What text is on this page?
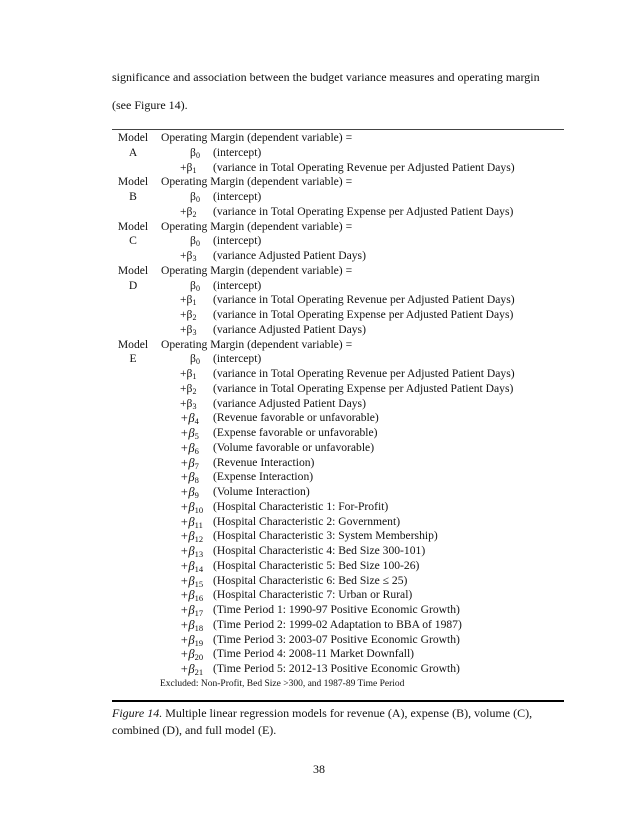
significance and association between the budget variance measures and operating margin

(see Figure 14).

Model	Operating Margin (dependent variable) =
A	β0	(intercept)
+β1	(variance in Total Operating Revenue per Adjusted Patient Days)
Model	Operating Margin (dependent variable) =
B	β0	(intercept)
+β2	(variance in Total Operating Expense per Adjusted Patient Days)
Model	Operating Margin (dependent variable) =
C	β0	(intercept)
+β3	(variance Adjusted Patient Days)
Model	Operating Margin (dependent variable) =
D	β0	(intercept)
+β1	(variance in Total Operating Revenue per Adjusted Patient Days)
+β2	(variance in Total Operating Expense per Adjusted Patient Days)
+β3	(variance Adjusted Patient Days)
Model	Operating Margin (dependent variable) =
E	β0	(intercept)
+β1	(variance in Total Operating Revenue per Adjusted Patient Days)
+β2	(variance in Total Operating Expense per Adjusted Patient Days)
+β3	(variance Adjusted Patient Days)
+β4	(Revenue favorable or unfavorable)
+β5	(Expense favorable or unfavorable)
+β6	(Volume favorable or unfavorable)
+β7	(Revenue Interaction)
+β8	(Expense Interaction)
+β9	(Volume Interaction)
+β10 (Hospital Characteristic 1: For-Profit)
+β11 (Hospital Characteristic 2: Government)
+β12 (Hospital Characteristic 3: System Membership)
+β13 (Hospital Characteristic 4: Bed Size 300-101)
+β14 (Hospital Characteristic 5: Bed Size 100-26)
+β15 (Hospital Characteristic 6: Bed Size ≤ 25)
+β16 (Hospital Characteristic 7: Urban or Rural)
+β17 (Time Period 1: 1990-97 Positive Economic Growth)
+β18 (Time Period 2: 1999-02 Adaptation to BBA of 1987)
+β19 (Time Period 3: 2003-07 Positive Economic Growth)
+β20 (Time Period 4: 2008-11 Market Downfall)
+β21 (Time Period 5: 2012-13 Positive Economic Growth)
Excluded: Non-Profit, Bed Size >300, and 1987-89 Time Period

Figure 14. Multiple linear regression models for revenue (A), expense (B), volume (C), combined (D), and full model (E).

38
